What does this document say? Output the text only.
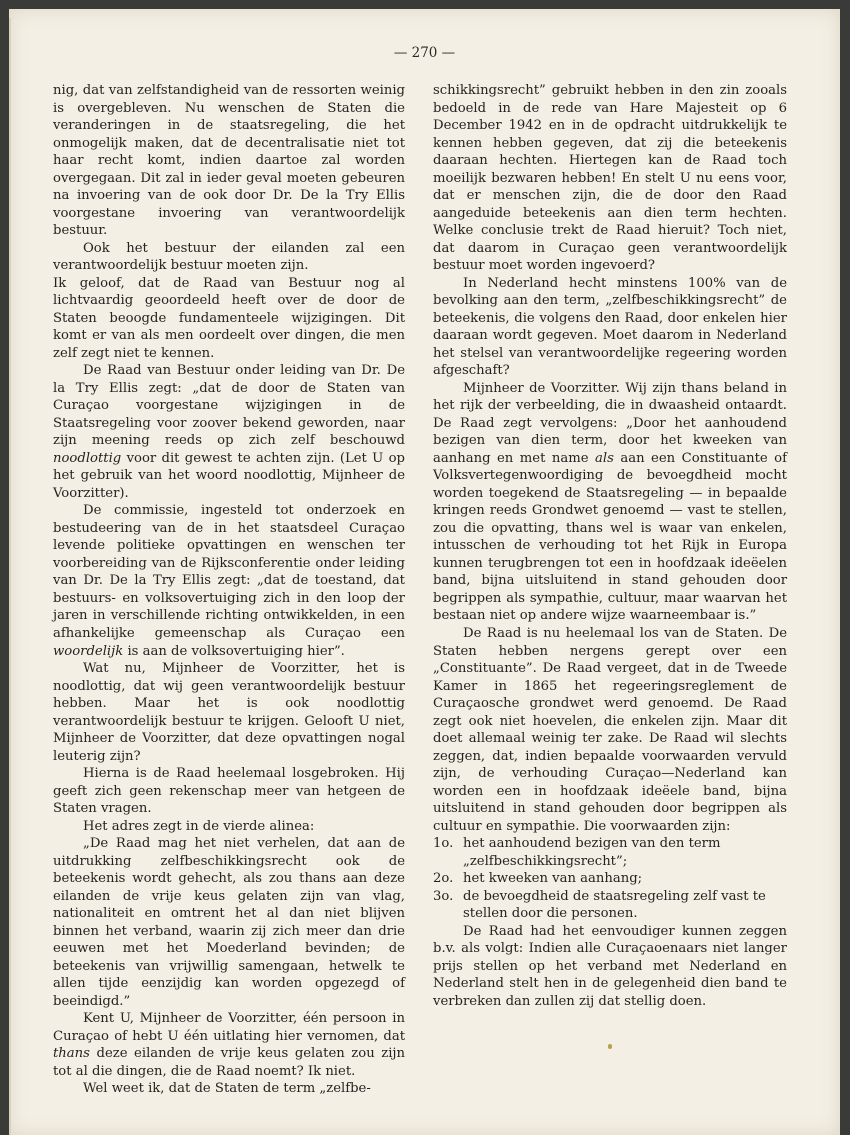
— 270 —

nig, dat van zelfstandigheid van de ressorten weinig is overgebleven. Nu wenschen de Staten die veranderingen in de staatsregeling, die het onmogelijk maken, dat de decentralisatie niet tot haar recht komt, indien daartoe zal worden overgegaan. Dit zal in ieder geval moeten gebeuren na invoering van de ook door Dr. De la Try Ellis voorgestane invoering van verantwoordelijk bestuur.

Ook het bestuur der eilanden zal een verantwoordelijk bestuur moeten zijn.

Ik geloof, dat de Raad van Bestuur nog al lichtvaardig geoordeeld heeft over de door de Staten beoogde fundamenteele wijzigingen. Dit komt er van als men oordeelt over dingen, die men zelf zegt niet te kennen.

De Raad van Bestuur onder leiding van Dr. De la Try Ellis zegt: „dat de door de Staten van Curaçao voorgestane wijzigingen in de Staatsregeling voor zoover bekend geworden, naar zijn meening reeds op zich zelf beschouwd noodlottig voor dit gewest te achten zijn. (Let U op het gebruik van het woord noodlottig, Mijnheer de Voorzitter).

De commissie, ingesteld tot onderzoek en bestudeering van de in het staatsdeel Curaçao levende politieke opvattingen en wenschen ter voorbereiding van de Rijksconferentie onder leiding van Dr. De la Try Ellis zegt: „dat de toestand, dat bestuurs- en volksovertuiging zich in den loop der jaren in verschillende richting ontwikkelden, in een afhankelijke gemeenschap als Curaçao een woordelijk is aan de volksovertuiging hier”.

Wat nu, Mijnheer de Voorzitter, het is noodlottig, dat wij geen verantwoordelijk bestuur hebben. Maar het is ook noodlottig verantwoordelijk bestuur te krijgen. Gelooft U niet, Mijnheer de Voorzitter, dat deze opvattingen nogal leuterig zijn?

Hierna is de Raad heelemaal losgebroken. Hij geeft zich geen rekenschap meer van hetgeen de Staten vragen.

Het adres zegt in de vierde alinea:

„De Raad mag het niet verhelen, dat aan de uitdrukking zelfbeschikkingsrecht ook de beteekenis wordt gehecht, als zou thans aan deze eilanden de vrije keus gelaten zijn van vlag, nationaliteit en omtrent het al dan niet blijven binnen het verband, waarin zij zich meer dan drie eeuwen met het Moederland bevinden; de beteekenis van vrijwillig samengaan, hetwelk te allen tijde eenzijdig kan worden opgezegd of beeindigd.”

Kent U, Mijnheer de Voorzitter, één persoon in Curaçao of hebt U één uitlating hier vernomen, dat thans deze eilanden de vrije keus gelaten zou zijn tot al die dingen, die de Raad noemt? Ik niet.

Wel weet ik, dat de Staten de term „zelfbe-

schikkingsrecht” gebruikt hebben in den zin zooals bedoeld in de rede van Hare Majesteit op 6 December 1942 en in de opdracht uitdrukkelijk te kennen hebben gegeven, dat zij die beteekenis daaraan hechten. Hiertegen kan de Raad toch moeilijk bezwaren hebben! En stelt U nu eens voor, dat er menschen zijn, die de door den Raad aangeduide beteekenis aan dien term hechten. Welke conclusie trekt de Raad hieruit? Toch niet, dat daarom in Curaçao geen verantwoordelijk bestuur moet worden ingevoerd?

In Nederland hecht minstens 100% van de bevolking aan den term, „zelfbeschikkingsrecht” de beteekenis, die volgens den Raad, door enkelen hier daaraan wordt gegeven. Moet daarom in Nederland het stelsel van verantwoordelijke regeering worden afgeschaft?

Mijnheer de Voorzitter. Wij zijn thans beland in het rijk der verbeelding, die in dwaasheid ontaardt. De Raad zegt vervolgens: „Door het aanhoudend bezigen van dien term, door het kweeken van aanhang en met name als aan een Constituante of Volksvertegenwoordiging de bevoegdheid mocht worden toegekend de Staatsregeling — in bepaalde kringen reeds Grondwet genoemd — vast te stellen, zou die opvatting, thans wel is waar van enkelen, intusschen de verhouding tot het Rijk in Europa kunnen terugbrengen tot een in hoofdzaak ideëelen band, bijna uitsluitend in stand gehouden door begrippen als sympathie, cultuur, maar waarvan het bestaan niet op andere wijze waarneembaar is.”

De Raad is nu heelemaal los van de Staten. De Staten hebben nergens gerept over een „Constituante”. De Raad vergeet, dat in de Tweede Kamer in 1865 het regeeringsreglement de Curaçaosche grondwet werd genoemd. De Raad zegt ook niet hoevelen, die enkelen zijn. Maar dit doet allemaal weinig ter zake. De Raad wil slechts zeggen, dat, indien bepaalde voorwaarden vervuld zijn, de verhouding Curaçao—Nederland kan worden een in hoofdzaak ideëele band, bijna uitsluitend in stand gehouden door begrippen als cultuur en sympathie. Die voorwaarden zijn:

1o. het aanhoudend bezigen van den term „zelfbeschikkingsrecht”;

2o. het kweeken van aanhang;

3o. de bevoegdheid de staatsregeling zelf vast te stellen door die personen.

De Raad had het eenvoudiger kunnen zeggen b.v. als volgt: Indien alle Curaçaoenaars niet langer prijs stellen op het verband met Nederland en Nederland stelt hen in de gelegenheid dien band te verbreken dan zullen zij dat stellig doen.
